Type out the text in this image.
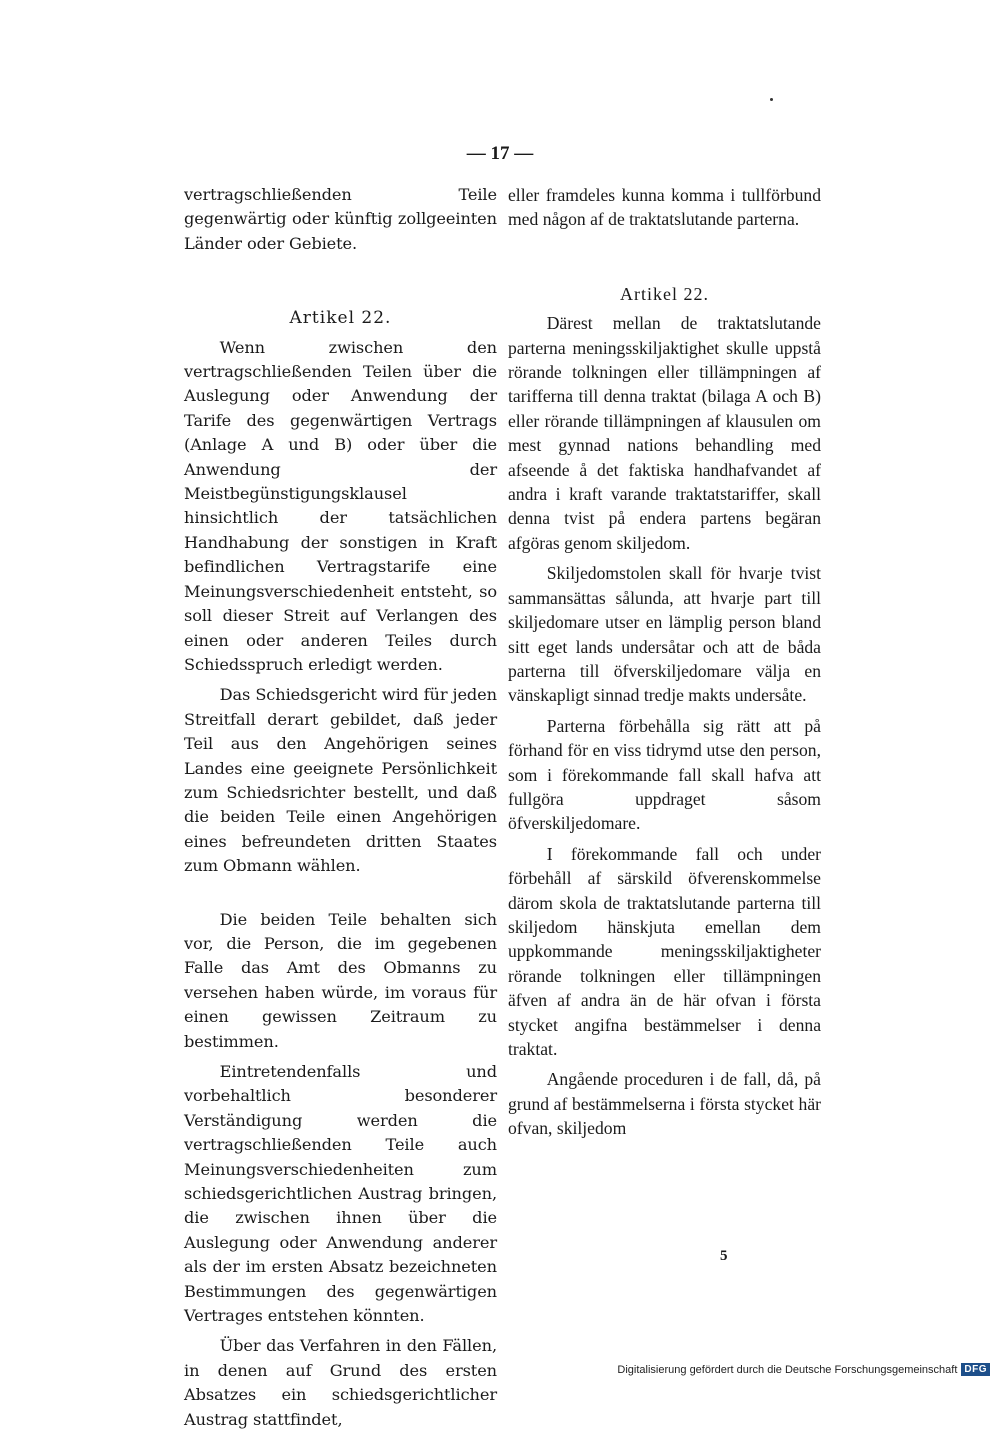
— 17 —

vertragschließenden Teile gegenwärtig oder künftig zollgeeinten Länder oder Gebiete.

Artikel 22.

Wenn zwischen den vertragschließenden Teilen über die Auslegung oder Anwendung der Tarife des gegenwärtigen Vertrags (Anlage A und B) oder über die Anwendung der Meistbegünstigungsklausel hinsichtlich der tatsächlichen Handhabung der sonstigen in Kraft befindlichen Vertragstarife eine Meinungsverschiedenheit entsteht, so soll dieser Streit auf Verlangen des einen oder anderen Teiles durch Schiedsspruch erledigt werden.

Das Schiedsgericht wird für jeden Streitfall derart gebildet, daß jeder Teil aus den Angehörigen seines Landes eine geeignete Persönlichkeit zum Schiedsrichter bestellt, und daß die beiden Teile einen Angehörigen eines befreundeten dritten Staates zum Obmann wählen.

Die beiden Teile behalten sich vor, die Person, die im gegebenen Falle das Amt des Obmanns zu versehen haben würde, im voraus für einen gewissen Zeitraum zu bestimmen.

Eintretendenfalls und vorbehaltlich besonderer Verständigung werden die vertragschließenden Teile auch Meinungsverschiedenheiten zum schiedsgerichtlichen Austrag bringen, die zwischen ihnen über die Auslegung oder Anwendung anderer als der im ersten Absatz bezeichneten Bestimmungen des gegenwärtigen Vertrages entstehen könnten.

Über das Verfahren in den Fällen, in denen auf Grund des ersten Absatzes ein schiedsgerichtlicher Austrag stattfindet,

eller framdeles kunna komma i tullförbund med någon af de traktatslutande parterna.

Artikel 22.

Därest mellan de traktatslutande parterna meningsskiljaktighet skulle uppstå rörande tolkningen eller tillämpningen af tarifferna till denna traktat (bilaga A och B) eller rörande tillämpningen af klausulen om mest gynnad nations behandling med afseende å det faktiska handhafvandet af andra i kraft varande traktatstariffer, skall denna tvist på endera partens begäran afgöras genom skiljedom.

Skiljedomstolen skall för hvarje tvist sammansättas sålunda, att hvarje part till skiljedomare utser en lämplig person bland sitt eget lands undersåtar och att de båda parterna till öfverskiljedomare välja en vänskapligt sinnad tredje makts undersåte.

Parterna förbehålla sig rätt att på förhand för en viss tidrymd utse den person, som i förekommande fall skall hafva att fullgöra uppdraget såsom öfverskiljedomare.

I förekommande fall och under förbehåll af särskild öfverenskommelse därom skola de traktatslutande parterna till skiljedom hänskjuta emellan dem uppkommande meningsskiljaktigheter rörande tolkningen eller tillämpningen äfven af andra än de här ofvan i första stycket angifna bestämmelser i denna traktat.

Angående proceduren i de fall, då, på grund af bestämmelserna i första stycket här ofvan, skiljedom

5
Digitalisierung gefördert durch die Deutsche Forschungsgemeinschaft DFG
